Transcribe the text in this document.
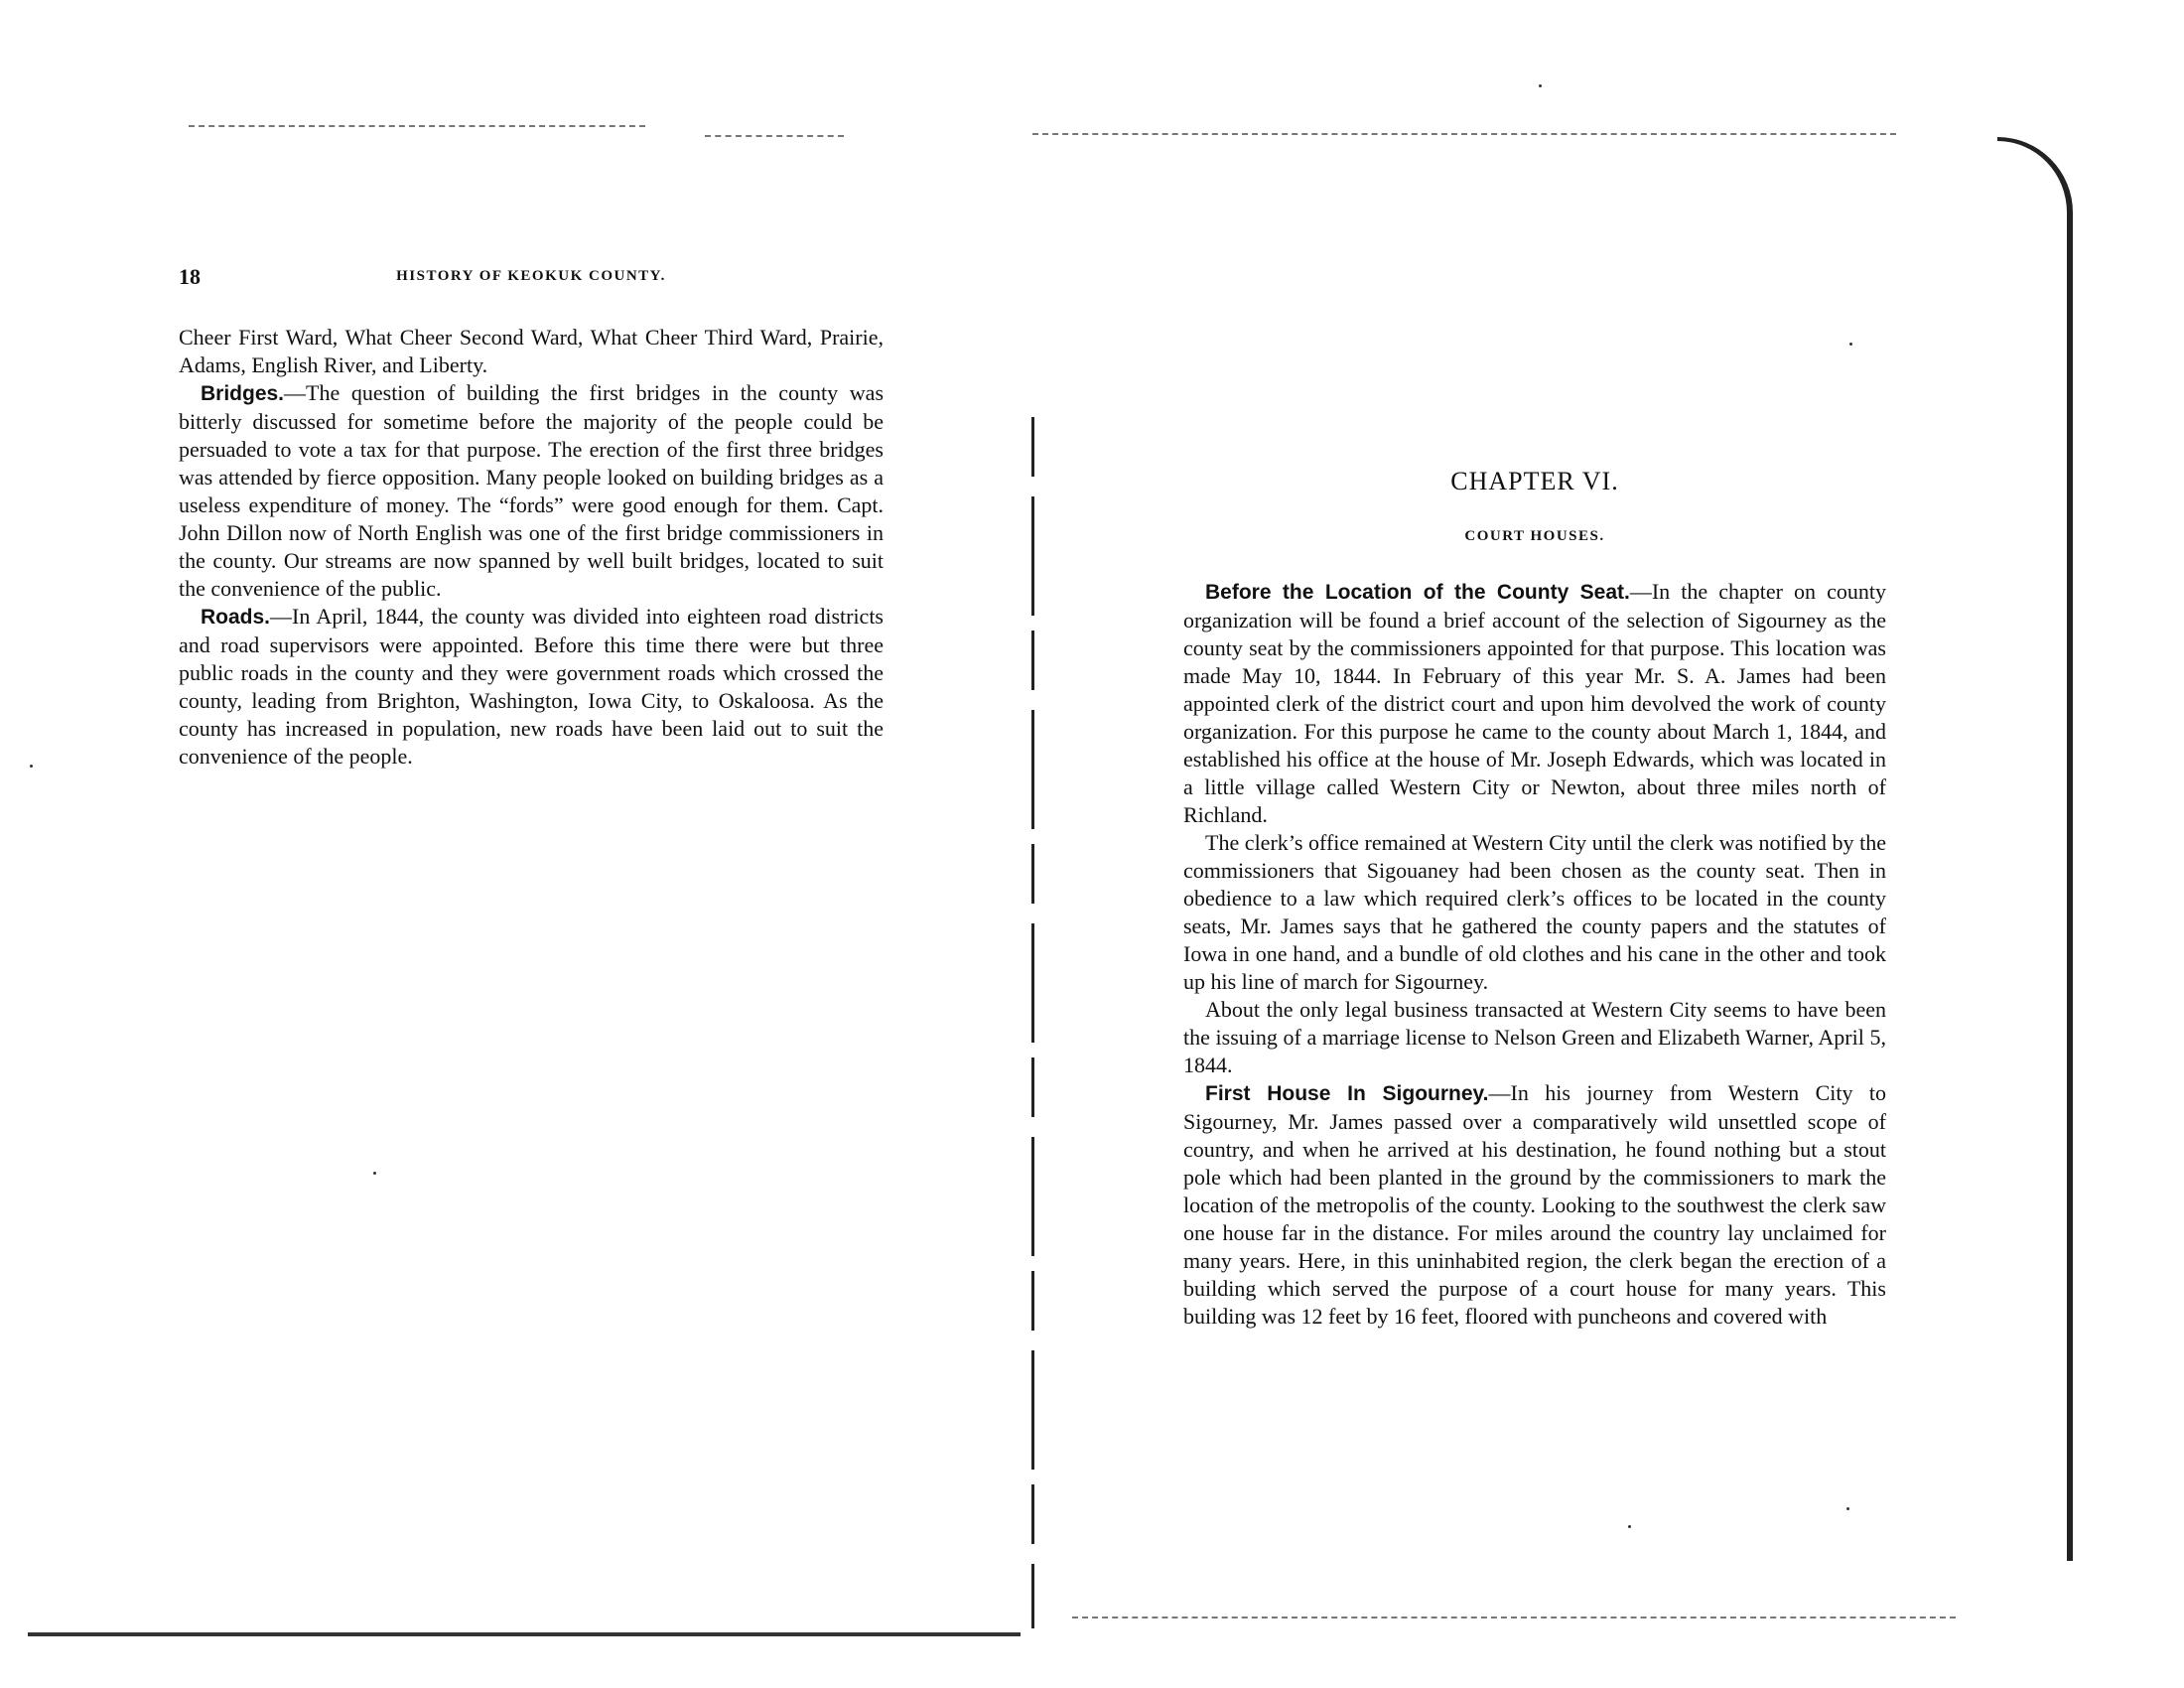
18	HISTORY OF KEOKUK COUNTY.

Cheer First Ward, What Cheer Second Ward, What Cheer Third Ward, Prairie, Adams, English River, and Liberty.

Bridges.—The question of building the first bridges in the county was bitterly discussed for sometime before the majority of the people could be persuaded to vote a tax for that purpose. The erection of the first three bridges was attended by fierce opposition. Many people looked on building bridges as a useless expenditure of money. The “fords” were good enough for them. Capt. John Dillon now of North English was one of the first bridge commissioners in the county. Our streams are now spanned by well built bridges, located to suit the convenience of the public.

Roads.—In April, 1844, the county was divided into eighteen road districts and road supervisors were appointed. Before this time there were but three public roads in the county and they were government roads which crossed the county, leading from Brighton, Washington, Iowa City, to Oskaloosa. As the county has increased in population, new roads have been laid out to suit the convenience of the people.

CHAPTER VI.
COURT HOUSES.

Before the Location of the County Seat.—In the chapter on county organization will be found a brief account of the selection of Sigourney as the county seat by the commissioners appointed for that purpose. This location was made May 10, 1844. In February of this year Mr. S. A. James had been appointed clerk of the district court and upon him devolved the work of county organization. For this purpose he came to the county about March 1, 1844, and established his office at the house of Mr. Joseph Edwards, which was located in a little village called Western City or Newton, about three miles north of Richland.

The clerk’s office remained at Western City until the clerk was notified by the commissioners that Sigouaney had been chosen as the county seat. Then in obedience to a law which required clerk’s offices to be located in the county seats, Mr. James says that he gathered the county papers and the statutes of Iowa in one hand, and a bundle of old clothes and his cane in the other and took up his line of march for Sigourney.

About the only legal business transacted at Western City seems to have been the issuing of a marriage license to Nelson Green and Elizabeth Warner, April 5, 1844.

First House In Sigourney.—In his journey from Western City to Sigourney, Mr. James passed over a comparatively wild unsettled scope of country, and when he arrived at his destination, he found nothing but a stout pole which had been planted in the ground by the commissioners to mark the location of the metropolis of the county. Looking to the southwest the clerk saw one house far in the distance. For miles around the country lay unclaimed for many years. Here, in this uninhabited region, the clerk began the erection of a building which served the purpose of a court house for many years. This building was 12 feet by 16 feet, floored with puncheons and covered with
